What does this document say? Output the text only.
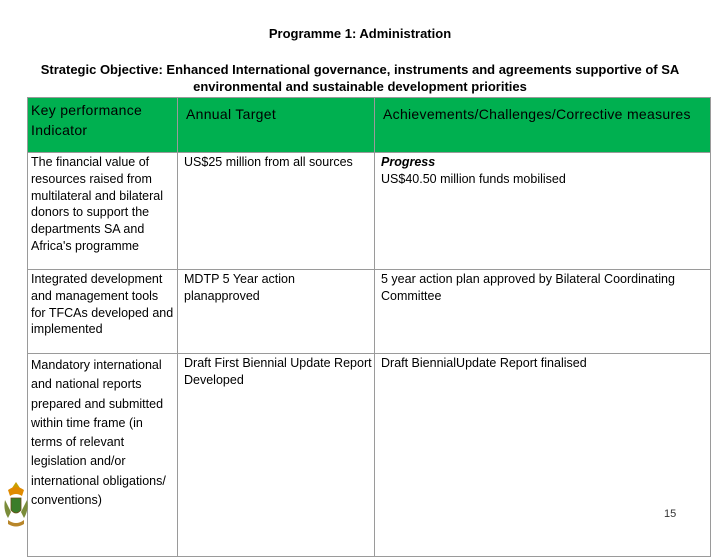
Programme 1: Administration
Strategic Objective: Enhanced International governance, instruments and agreements supportive of SA environmental and sustainable development priorities
Key performance Indicator	Annual Target	Achievements/Challenges/Corrective measures
The financial value of resources raised from multilateral and bilateral donors to support the departments SA and Africa's programme	US$25 million from all sources	Progress
US$40.50 million funds mobilised

Integrated development and management tools for TFCAs developed and implemented	MDTP 5 Year action planapproved	5 year action plan approved by Bilateral Coordinating Committee
Mandatory international and national reports prepared and submitted within time frame (in terms of relevant legislation and/or international obligations/ conventions)	Draft First Biennial Update Report Developed	Draft BiennialUpdate Report finalised
15
